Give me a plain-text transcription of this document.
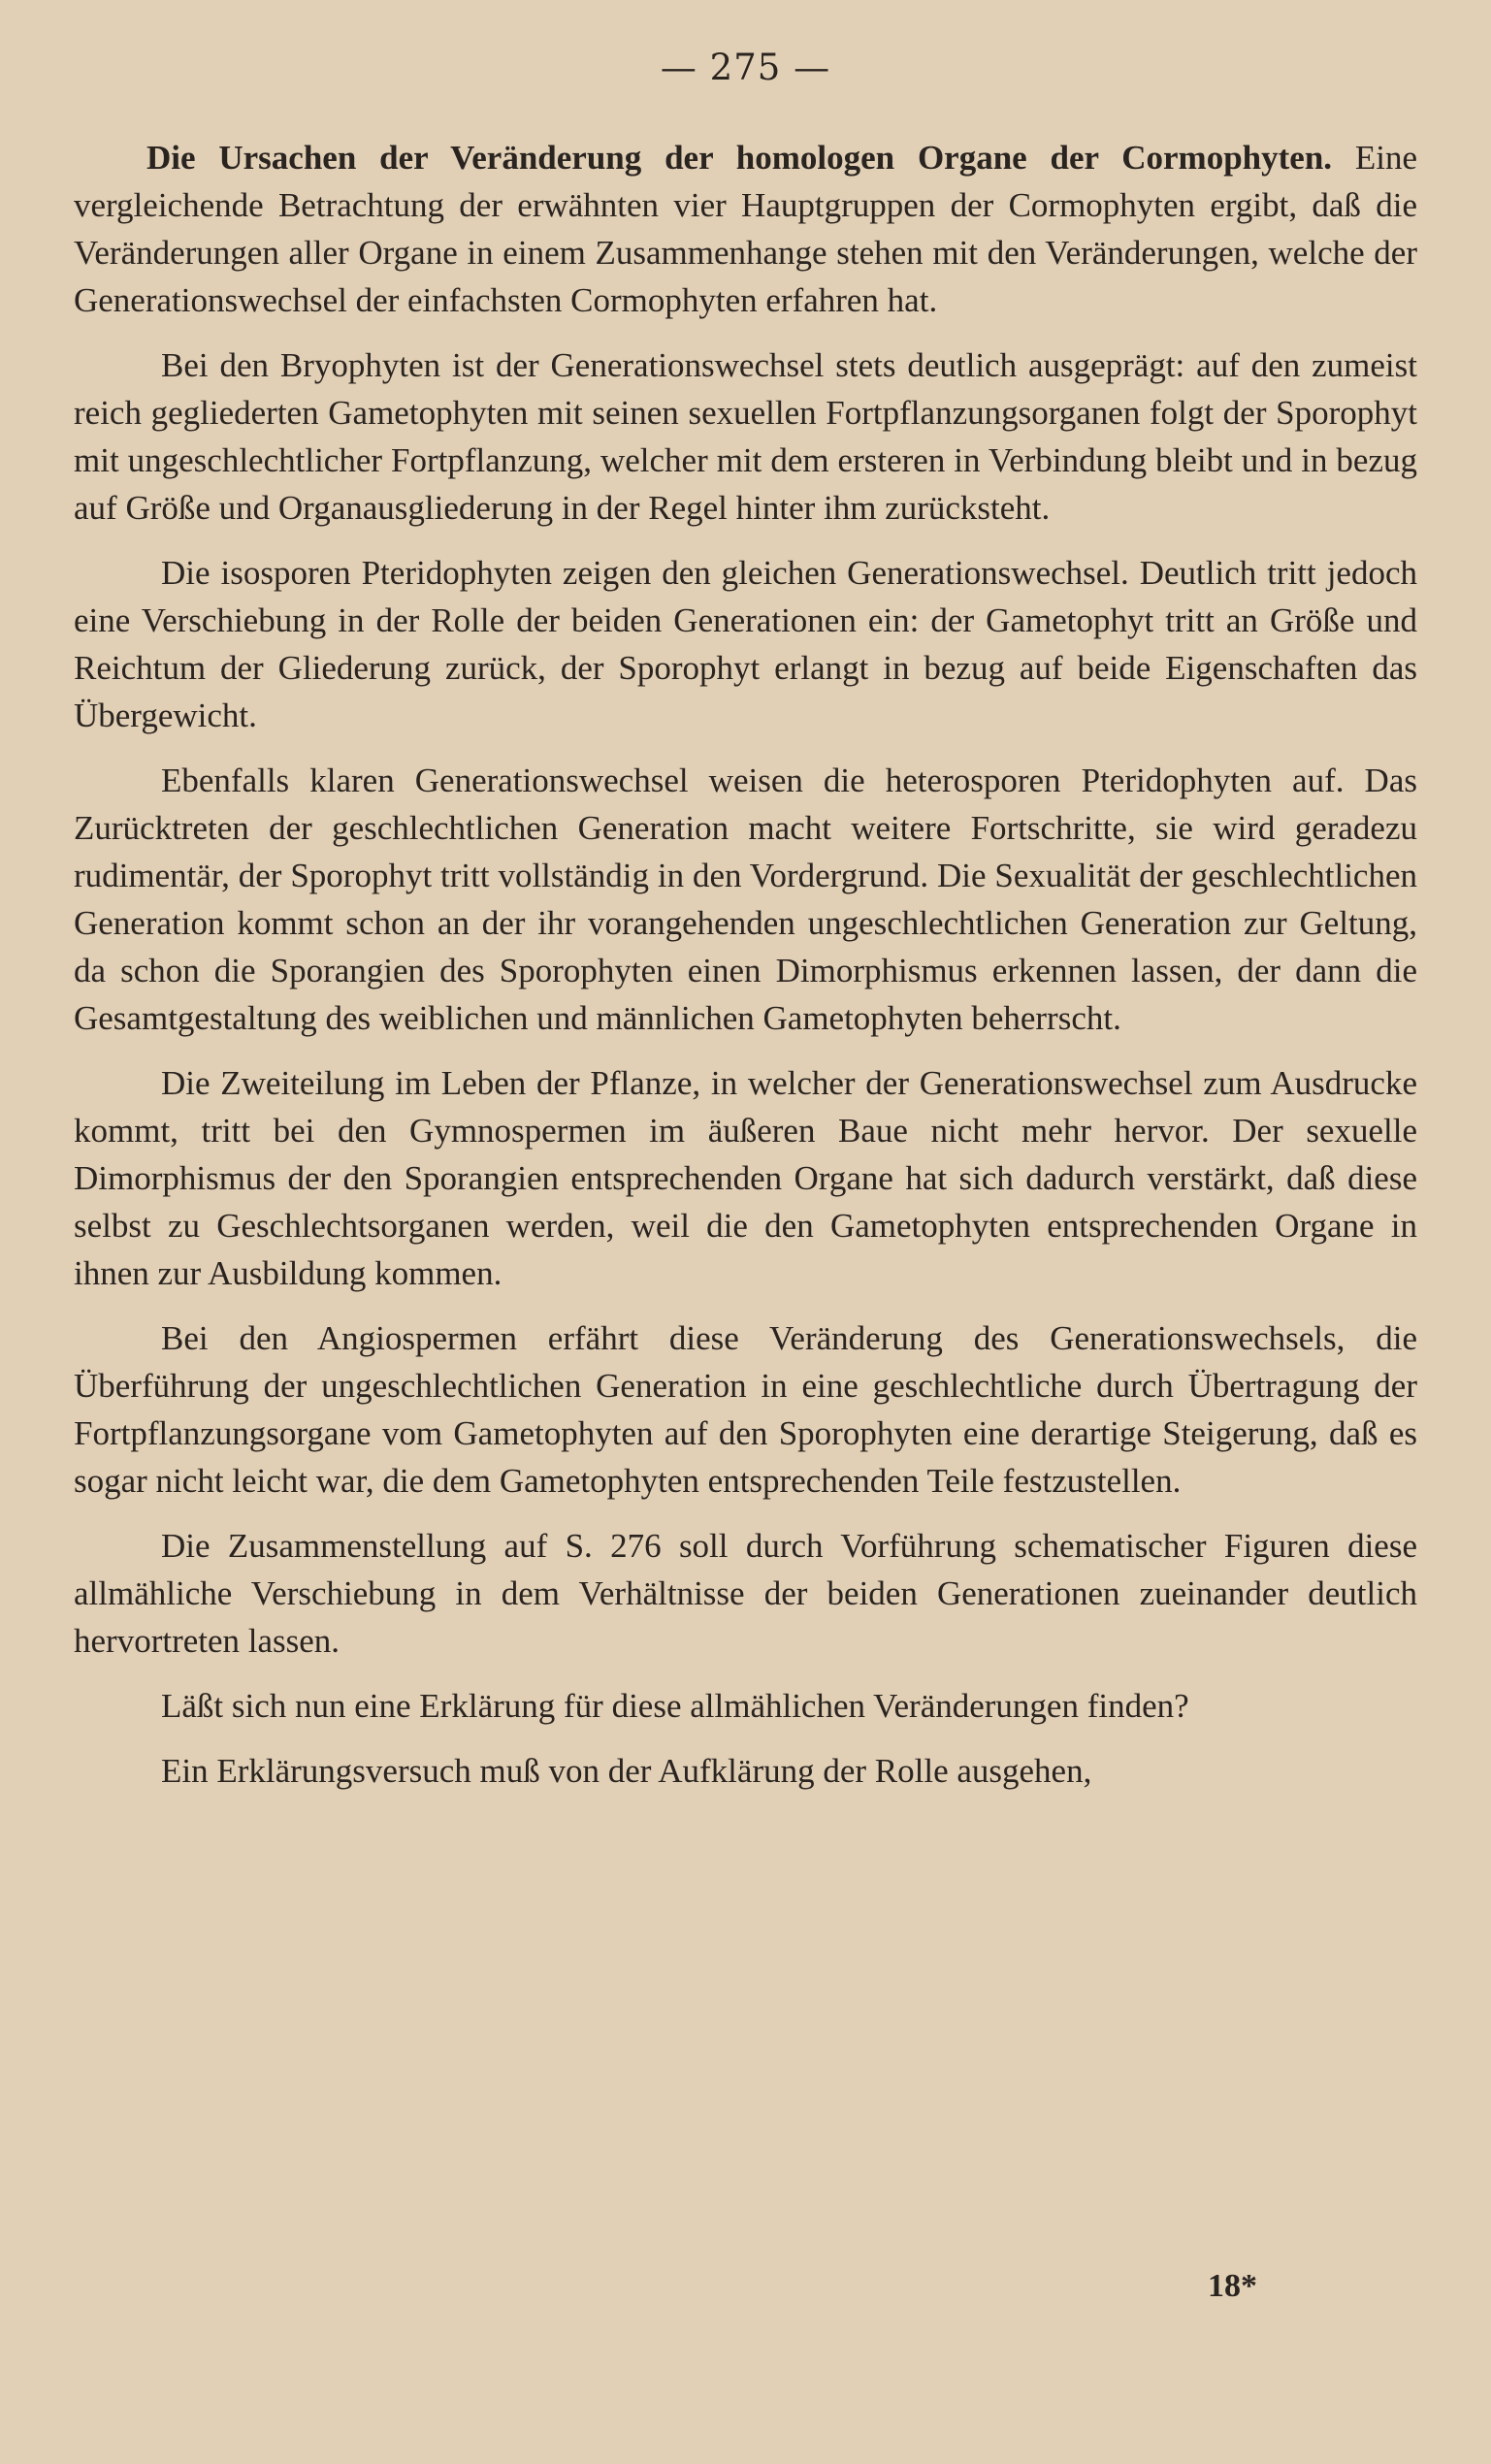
— 275 —

Die Ursachen der Veränderung der homologen Organe der Cormophyten. Eine vergleichende Betrachtung der erwähnten vier Hauptgruppen der Cormophyten ergibt, daß die Veränderungen aller Organe in einem Zusammenhange stehen mit den Veränderungen, welche der Generationswechsel der einfachsten Cormophyten erfahren hat.

Bei den Bryophyten ist der Generationswechsel stets deutlich ausgeprägt: auf den zumeist reich gegliederten Gametophyten mit seinen sexuellen Fortpflanzungsorganen folgt der Sporophyt mit ungeschlechtlicher Fortpflanzung, welcher mit dem ersteren in Verbindung bleibt und in bezug auf Größe und Organausgliederung in der Regel hinter ihm zurücksteht.

Die isosporen Pteridophyten zeigen den gleichen Generationswechsel. Deutlich tritt jedoch eine Verschiebung in der Rolle der beiden Generationen ein: der Gametophyt tritt an Größe und Reichtum der Gliederung zurück, der Sporophyt erlangt in bezug auf beide Eigenschaften das Übergewicht.

Ebenfalls klaren Generationswechsel weisen die heterosporen Pteridophyten auf. Das Zurücktreten der geschlechtlichen Generation macht weitere Fortschritte, sie wird geradezu rudimentär, der Sporophyt tritt vollständig in den Vordergrund. Die Sexualität der geschlechtlichen Generation kommt schon an der ihr vorangehenden ungeschlechtlichen Generation zur Geltung, da schon die Sporangien des Sporophyten einen Dimorphismus erkennen lassen, der dann die Gesamtgestaltung des weiblichen und männlichen Gametophyten beherrscht.

Die Zweiteilung im Leben der Pflanze, in welcher der Generationswechsel zum Ausdrucke kommt, tritt bei den Gymnospermen im äußeren Baue nicht mehr hervor. Der sexuelle Dimorphismus der den Sporangien entsprechenden Organe hat sich dadurch verstärkt, daß diese selbst zu Geschlechtsorganen werden, weil die den Gametophyten entsprechenden Organe in ihnen zur Ausbildung kommen.

Bei den Angiospermen erfährt diese Veränderung des Generationswechsels, die Überführung der ungeschlechtlichen Generation in eine geschlechtliche durch Übertragung der Fortpflanzungsorgane vom Gametophyten auf den Sporophyten eine derartige Steigerung, daß es sogar nicht leicht war, die dem Gametophyten entsprechenden Teile festzustellen.

Die Zusammenstellung auf S. 276 soll durch Vorführung schematischer Figuren diese allmähliche Verschiebung in dem Verhältnisse der beiden Generationen zueinander deutlich hervortreten lassen.

Läßt sich nun eine Erklärung für diese allmählichen Veränderungen finden?

Ein Erklärungsversuch muß von der Aufklärung der Rolle ausgehen,

18*
